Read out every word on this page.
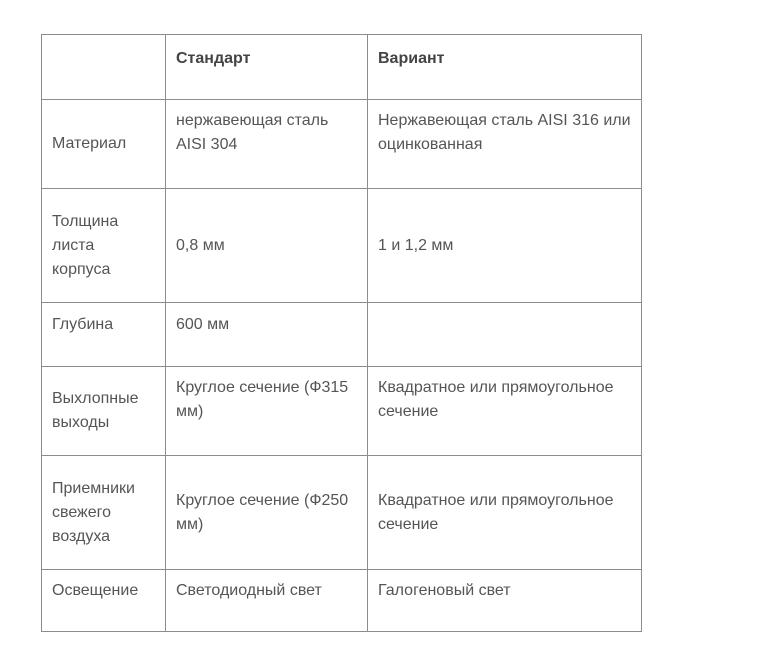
	Стандарт	Вариант
Материал	нержавеющая сталь AISI 304	Нержавеющая сталь AISI 316 или оцинкованная
Толщина листа корпуса	0,8 мм	1 и 1,2 мм
Глубина	600 мм	
Выхлопные выходы	Круглое сечение (Ф315 мм)	Квадратное или прямоугольное сечение
Приемники свежего воздуха	Круглое сечение (Ф250 мм)	Квадратное или прямоугольное сечение
Освещение	Светодиодный свет	Галогеновый свет
